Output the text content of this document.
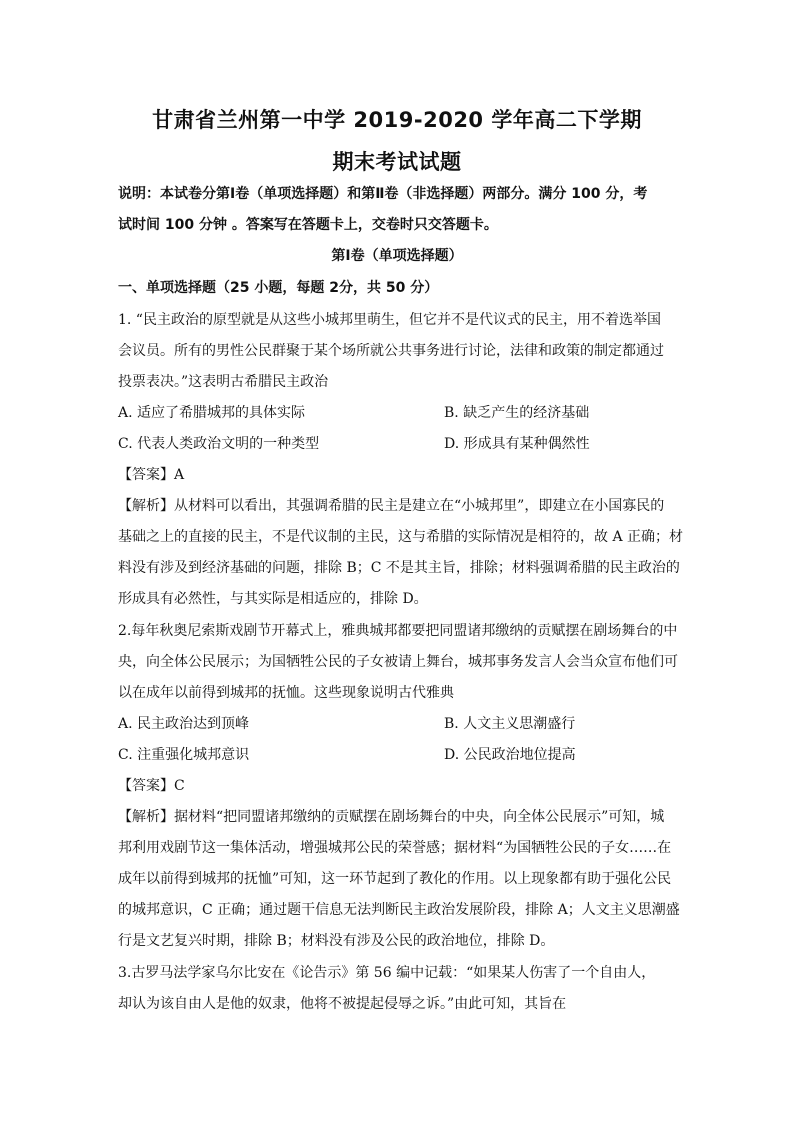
甘肃省兰州第一中学 2019-2020 学年高二下学期
期末考试试题
说明：本试卷分第Ⅰ卷（单项选择题）和第Ⅱ卷（非选择题）两部分。满分 100 分，考
试时间 100 分钟 。答案写在答题卡上，交卷时只交答题卡。
第Ⅰ卷（单项选择题）
一、单项选择题（25 小题，每题 2分，共 50 分）
1. “民主政治的原型就是从这些小城邦里萌生，但它并不是代议式的民主，用不着选举国
会议员。所有的男性公民群聚于某个场所就公共事务进行讨论，法律和政策的制定都通过
投票表决。”这表明古希腊民主政治
A. 适应了希腊城邦的具体实际	B. 缺乏产生的经济基础
C. 代表人类政治文明的一种类型	D. 形成具有某种偶然性
【答案】A
【解析】从材料可以看出，其强调希腊的民主是建立在“小城邦里”，即建立在小国寡民的
基础之上的直接的民主，不是代议制的主民，这与希腊的实际情况是相符的，故 A 正确；材
料没有涉及到经济基础的问题，排除 B；C 不是其主旨，排除；材料强调希腊的民主政治的
形成具有必然性，与其实际是相适应的，排除 D。
2.每年秋奥尼索斯戏剧节开幕式上，雅典城邦都要把同盟诸邦缴纳的贡赋摆在剧场舞台的中
央，向全体公民展示；为国牺牲公民的子女被请上舞台，城邦事务发言人会当众宣布他们可
以在成年以前得到城邦的抚恤。这些现象说明古代雅典
A. 民主政治达到顶峰	B. 人文主义思潮盛行
C. 注重强化城邦意识	D. 公民政治地位提高
【答案】C
【解析】据材料“把同盟诸邦缴纳的贡赋摆在剧场舞台的中央，向全体公民展示”可知，城
邦利用戏剧节这一集体活动，增强城邦公民的荣誉感；据材料“为国牺牲公民的子女……在
成年以前得到城邦的抚恤”可知，这一环节起到了教化的作用。以上现象都有助于强化公民
的城邦意识，C 正确；通过题干信息无法判断民主政治发展阶段，排除 A；人文主义思潮盛
行是文艺复兴时期，排除 B；材料没有涉及公民的政治地位，排除 D。
3.古罗马法学家乌尔比安在《论告示》第 56 编中记载：“如果某人伤害了一个自由人，
却认为该自由人是他的奴隶，他将不被提起侵辱之诉。”由此可知，其旨在
